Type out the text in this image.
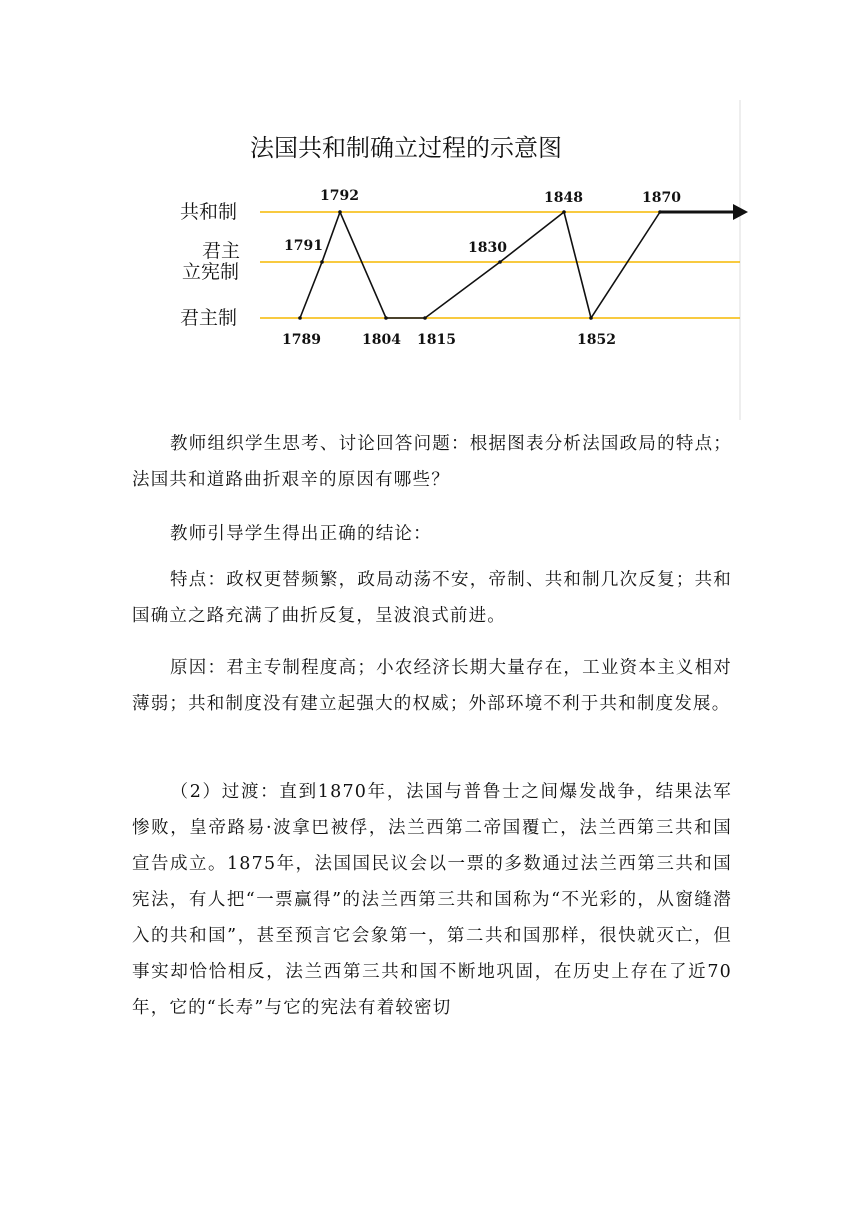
法国共和制确立过程的示意图
共和制
君主
立宪制
君主制
1789
1791
1792
1804 1815
1830
1848
1852
1870

教师组织学生思考、讨论回答问题：根据图表分析法国政局的特点；法国共和道路曲折艰辛的原因有哪些？

教师引导学生得出正确的结论：

特点：政权更替频繁，政局动荡不安，帝制、共和制几次反复；共和国确立之路充满了曲折反复，呈波浪式前进。

原因：君主专制程度高；小农经济长期大量存在，工业资本主义相对薄弱；共和制度没有建立起强大的权威；外部环境不利于共和制度发展。

（2）过渡：直到1870年，法国与普鲁士之间爆发战争，结果法军惨败，皇帝路易·波拿巴被俘，法兰西第二帝国覆亡，法兰西第三共和国宣告成立。1875年，法国国民议会以一票的多数通过法兰西第三共和国宪法，有人把“一票赢得”的法兰西第三共和国称为“不光彩的，从窗缝潜入的共和国”，甚至预言它会象第一，第二共和国那样，很快就灭亡，但事实却恰恰相反，法兰西第三共和国不断地巩固，在历史上存在了近70年，它的“长寿”与它的宪法有着较密切
